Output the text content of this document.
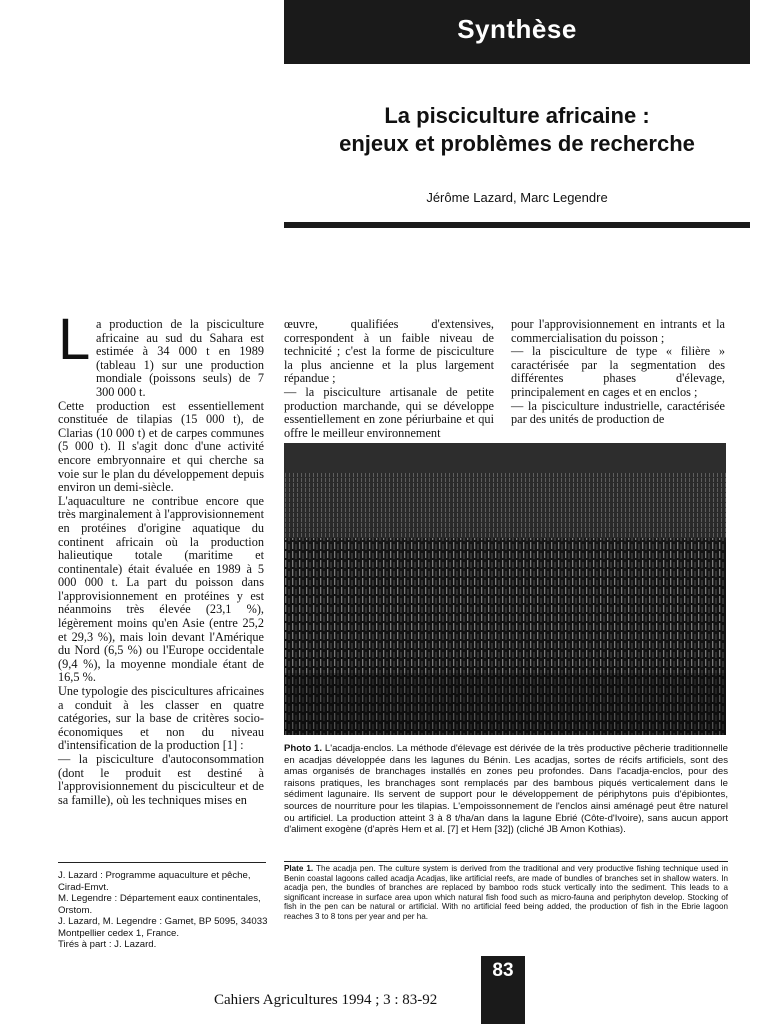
Synthèse
La pisciculture africaine :
enjeux et problèmes de recherche
Jérôme Lazard, Marc Legendre
L a production de la pisciculture africaine au sud du Sahara est estimée à 34 000 t en 1989 (tableau 1) sur une production mondiale (poissons seuls) de 7 300 000 t.

Cette production est essentiellement constituée de tilapias (15 000 t), de Clarias (10 000 t) et de carpes communes (5 000 t). Il s'agit donc d'une activité encore embryonnaire et qui cherche sa voie sur le plan du développement depuis environ un demi-siècle.

L'aquaculture ne contribue encore que très marginalement à l'approvisionnement en protéines d'origine aquatique du continent africain où la production halieutique totale (maritime et continentale) était évaluée en 1989 à 5 000 000 t. La part du poisson dans l'approvisionnement en protéines y est néanmoins très élevée (23,1 %), légèrement moins qu'en Asie (entre 25,2 et 29,3 %), mais loin devant l'Amérique du Nord (6,5 %) ou l'Europe occidentale (9,4 %), la moyenne mondiale étant de 16,5 %.

Une typologie des piscicultures africaines a conduit à les classer en quatre catégories, sur la base de critères socio-économiques et non du niveau d'intensification de la production [1] :

— la pisciculture d'autoconsommation (dont le produit est destiné à l'approvisionnement du pisciculteur et de sa famille), où les techniques mises en

œuvre, qualifiées d'extensives, correspondent à un faible niveau de technicité ; c'est la forme de pisciculture la plus ancienne et la plus largement répandue ;

— la pisciculture artisanale de petite production marchande, qui se développe essentiellement en zone périurbaine et qui offre le meilleur environnement

pour l'approvisionnement en intrants et la commercialisation du poisson ;

— la pisciculture de type « filière » caractérisée par la segmentation des différentes phases d'élevage, principalement en cages et en enclos ;

— la pisciculture industrielle, caractérisée par des unités de production de

Photo 1. L'acadja-enclos. La méthode d'élevage est dérivée de la très productive pêcherie traditionnelle en acadjas développée dans les lagunes du Bénin. Les acadjas, sortes de récifs artificiels, sont des amas organisés de branchages installés en zones peu profondes. Dans l'acadja-enclos, pour des raisons pratiques, les branchages sont remplacés par des bambous piqués verticalement dans le sédiment lagunaire. Ils servent de support pour le développement de périphytons puis d'épibiontes, sources de nourriture pour les tilapias. L'empoissonnement de l'enclos ainsi aménagé peut être naturel ou artificiel. La production atteint 3 à 8 t/ha/an dans la lagune Ebrié (Côte-d'Ivoire), sans aucun apport d'aliment exogène (d'après Hem et al. [7] et Hem [32]) (cliché JB Amon Kothias).
Plate 1. The acadja pen. The culture system is derived from the traditional and very productive fishing technique used in Benin coastal lagoons called acadja Acadjas, like artificial reefs, are made of bundles of branches set in shallow waters. In acadja pen, the bundles of branches are replaced by bamboo rods stuck vertically into the sediment. This leads to a significant increase in surface area upon which natural fish food such as micro-fauna and periphyton develop. Stocking of fish in the pen can be natural or artificial. With no artificial feed being added, the production of fish in the Ebrie lagoon reaches 3 to 8 tons per year and per ha.

J. Lazard : Programme aquaculture et pêche, Cirad-Emvt.

M. Legendre : Département eaux continentales, Orstom.

J. Lazard, M. Legendre : Gamet, BP 5095, 34033 Montpellier cedex 1, France.

Tirés à part : J. Lazard.

Cahiers Agricultures 1994 ; 3 : 83-92
83
